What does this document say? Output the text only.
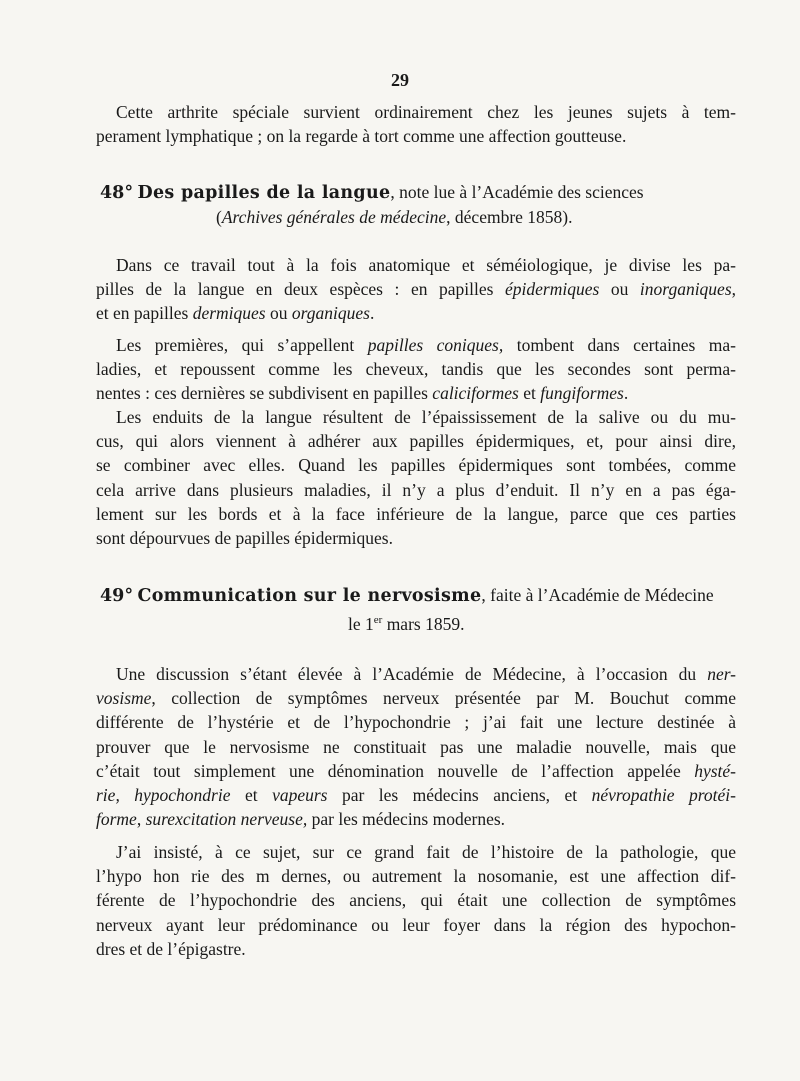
29
Cette arthrite spéciale survient ordinairement chez les jeunes sujets à tem-
perament lymphatique ; on la regarde à tort comme une affection goutteuse.
48° Des papilles de la langue, note lue à l’Académie des sciences
(Archives générales de médecine, décembre 1858).
Dans ce travail tout à la fois anatomique et séméiologique, je divise les pa-
pilles de la langue en deux espèces : en papilles épidermiques ou inorganiques,
et en papilles dermiques ou organiques.
Les premières, qui s’appellent papilles coniques, tombent dans certaines ma-
ladies, et repoussent comme les cheveux, tandis que les secondes sont perma-
nentes : ces dernières se subdivisent en papilles caliciformes et fungiformes.
Les enduits de la langue résultent de l’épaississement de la salive ou du mu-
cus, qui alors viennent à adhérer aux papilles épidermiques, et, pour ainsi dire,
se combiner avec elles. Quand les papilles épidermiques sont tombées, comme
cela arrive dans plusieurs maladies, il n’y a plus d’enduit. Il n’y en a pas éga-
lement sur les bords et à la face inférieure de la langue, parce que ces parties
sont dépourvues de papilles épidermiques.
49° Communication sur le nervosisme, faite à l’Académie de Médecine
le 1er mars 1859.
Une discussion s’étant élevée à l’Académie de Médecine, à l’occasion du ner-
vosisme, collection de symptômes nerveux présentée par M. Bouchut comme
différente de l’hystérie et de l’hypochondrie ; j’ai fait une lecture destinée à
prouver que le nervosisme ne constituait pas une maladie nouvelle, mais que
c’était tout simplement une dénomination nouvelle de l’affection appelée hysté-
rie, hypochondrie et vapeurs par les médecins anciens, et névropathie protéi-
forme, surexcitation nerveuse, par les médecins modernes.
J’ai insisté, à ce sujet, sur ce grand fait de l’histoire de la pathologie, que
l’hypo hon rie des m dernes, ou autrement la nosomanie, est une affection dif-
férente de l’hypochondrie des anciens, qui était une collection de symptômes
nerveux ayant leur prédominance ou leur foyer dans la région des hypochon-
dres et de l’épigastre.
